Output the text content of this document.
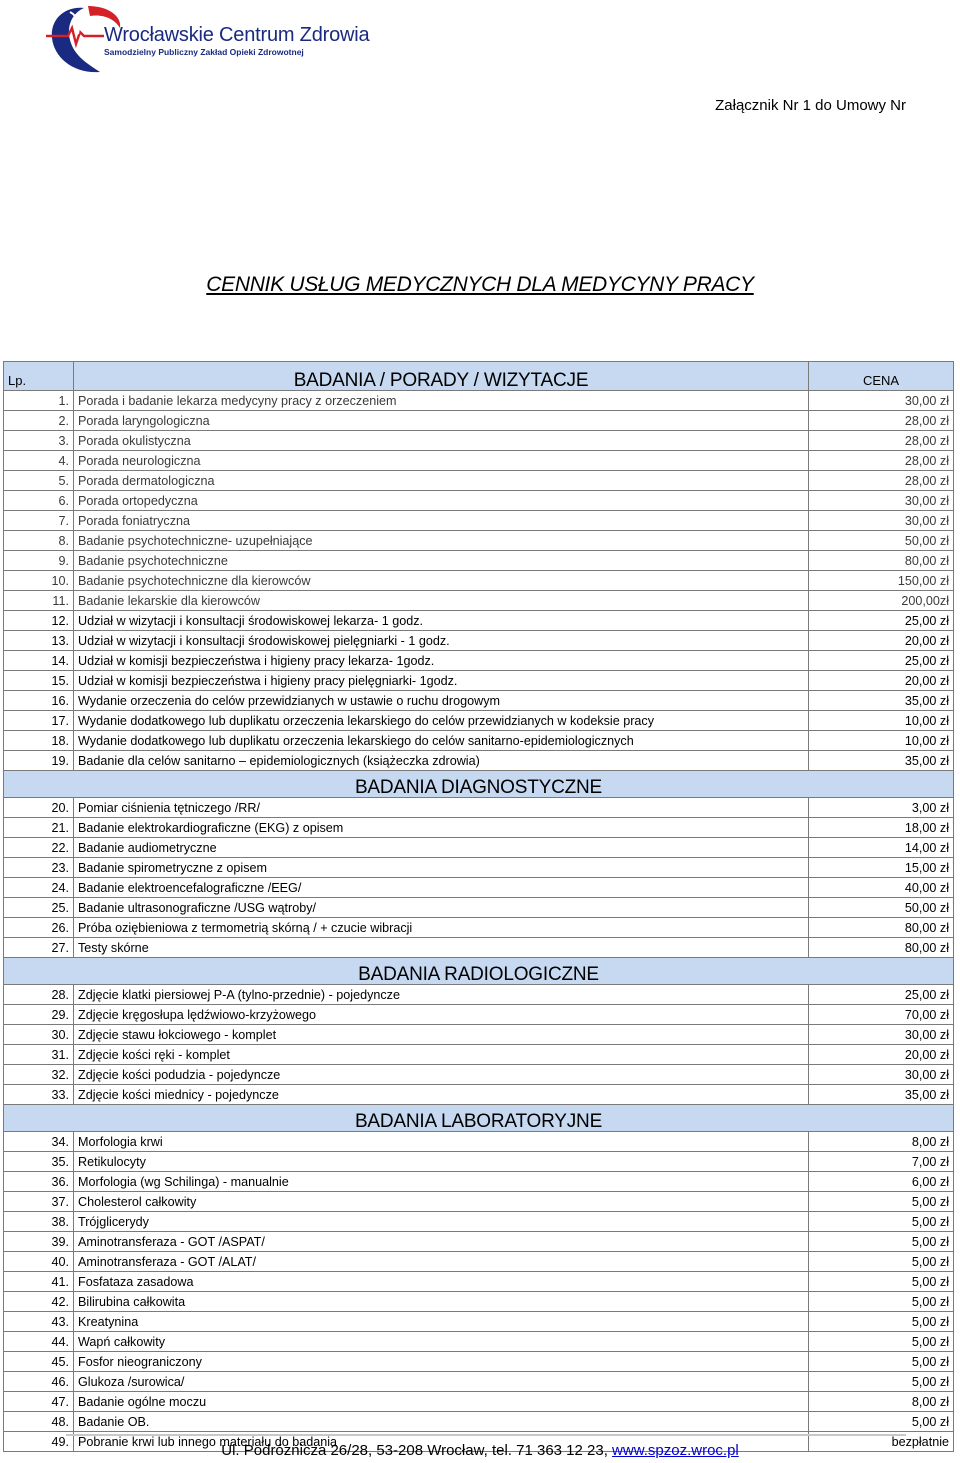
Wrocławskie Centrum Zdrowia
Samodzielny Publiczny Zakład Opieki Zdrowotnej
Załącznik Nr 1 do Umowy Nr
CENNIK USŁUG MEDYCZNYCH DLA MEDYCYNY PRACY
Lp.	BADANIA / PORADY / WIZYTACJE	CENA
1.	Porada i badanie lekarza medycyny pracy z orzeczeniem	30,00 zł
2.	Porada laryngologiczna	28,00 zł
3.	Porada okulistyczna	28,00 zł
4.	Porada neurologiczna	28,00 zł
5.	Porada dermatologiczna	28,00 zł
6.	Porada ortopedyczna	30,00 zł
7.	Porada foniatryczna	30,00 zł
8.	Badanie psychotechniczne- uzupełniające	50,00 zł
9.	Badanie psychotechniczne	80,00 zł
10.	Badanie psychotechniczne dla kierowców	150,00 zł
11.	Badanie lekarskie dla kierowców	200,00zł
12.	Udział w wizytacji i konsultacji środowiskowej lekarza- 1 godz.	25,00 zł
13.	Udział w wizytacji i konsultacji środowiskowej pielęgniarki - 1 godz.	20,00 zł
14.	Udział w komisji bezpieczeństwa i higieny pracy lekarza- 1godz.	25,00 zł
15.	Udział w komisji bezpieczeństwa i higieny pracy pielęgniarki- 1godz.	20,00 zł
16.	Wydanie orzeczenia do celów przewidzianych w ustawie o ruchu drogowym	35,00 zł
17.	Wydanie dodatkowego lub duplikatu orzeczenia lekarskiego do celów przewidzianych w kodeksie pracy	10,00 zł
18.	Wydanie dodatkowego lub duplikatu orzeczenia lekarskiego do celów sanitarno-epidemiologicznych	10,00 zł
19.	Badanie dla celów sanitarno – epidemiologicznych (książeczka zdrowia)	35,00 zł
BADANIA DIAGNOSTYCZNE		
20.	Pomiar ciśnienia tętniczego /RR/	3,00 zł
21.	Badanie elektrokardiograficzne (EKG) z opisem	18,00 zł
22.	Badanie audiometryczne	14,00 zł
23.	Badanie spirometryczne z opisem	15,00 zł
24.	Badanie elektroencefalograficzne /EEG/	40,00 zł
25.	Badanie ultrasonograficzne /USG wątroby/	50,00 zł
26.	Próba oziębieniowa z termometrią skórną / + czucie wibracji	80,00 zł
27.	Testy skórne	80,00 zł
BADANIA RADIOLOGICZNE		
28.	Zdjęcie klatki piersiowej P-A (tylno-przednie) - pojedyncze	25,00 zł
29.	Zdjęcie kręgosłupa lędźwiowo-krzyżowego	70,00 zł
30.	Zdjęcie stawu łokciowego - komplet	30,00 zł
31.	Zdjęcie kości ręki - komplet	20,00 zł
32.	Zdjęcie kości podudzia - pojedyncze	30,00 zł
33.	Zdjęcie kości miednicy - pojedyncze	35,00 zł
BADANIA LABORATORYJNE		
34.	Morfologia krwi	8,00 zł
35.	Retikulocyty	7,00 zł
36.	Morfologia (wg Schilinga) - manualnie	6,00 zł
37.	Cholesterol całkowity	5,00 zł
38.	Trójglicerydy	5,00 zł
39.	Aminotransferaza - GOT /ASPAT/	5,00 zł
40.	Aminotransferaza - GOT /ALAT/	5,00 zł
41.	Fosfataza zasadowa	5,00 zł
42.	Bilirubina całkowita	5,00 zł
43.	Kreatynina	5,00 zł
44.	Wapń całkowity	5,00 zł
45.	Fosfor nieograniczony	5,00 zł
46.	Glukoza /surowica/	5,00 zł
47.	Badanie ogólne moczu	8,00 zł
48.	Badanie OB.	5,00 zł
49.	Pobranie krwi lub innego materiału do badania	bezpłatnie
Ul. Podróżnicza 26/28, 53-208 Wrocław, tel. 71 363 12 23, www.spzoz.wroc.pl
